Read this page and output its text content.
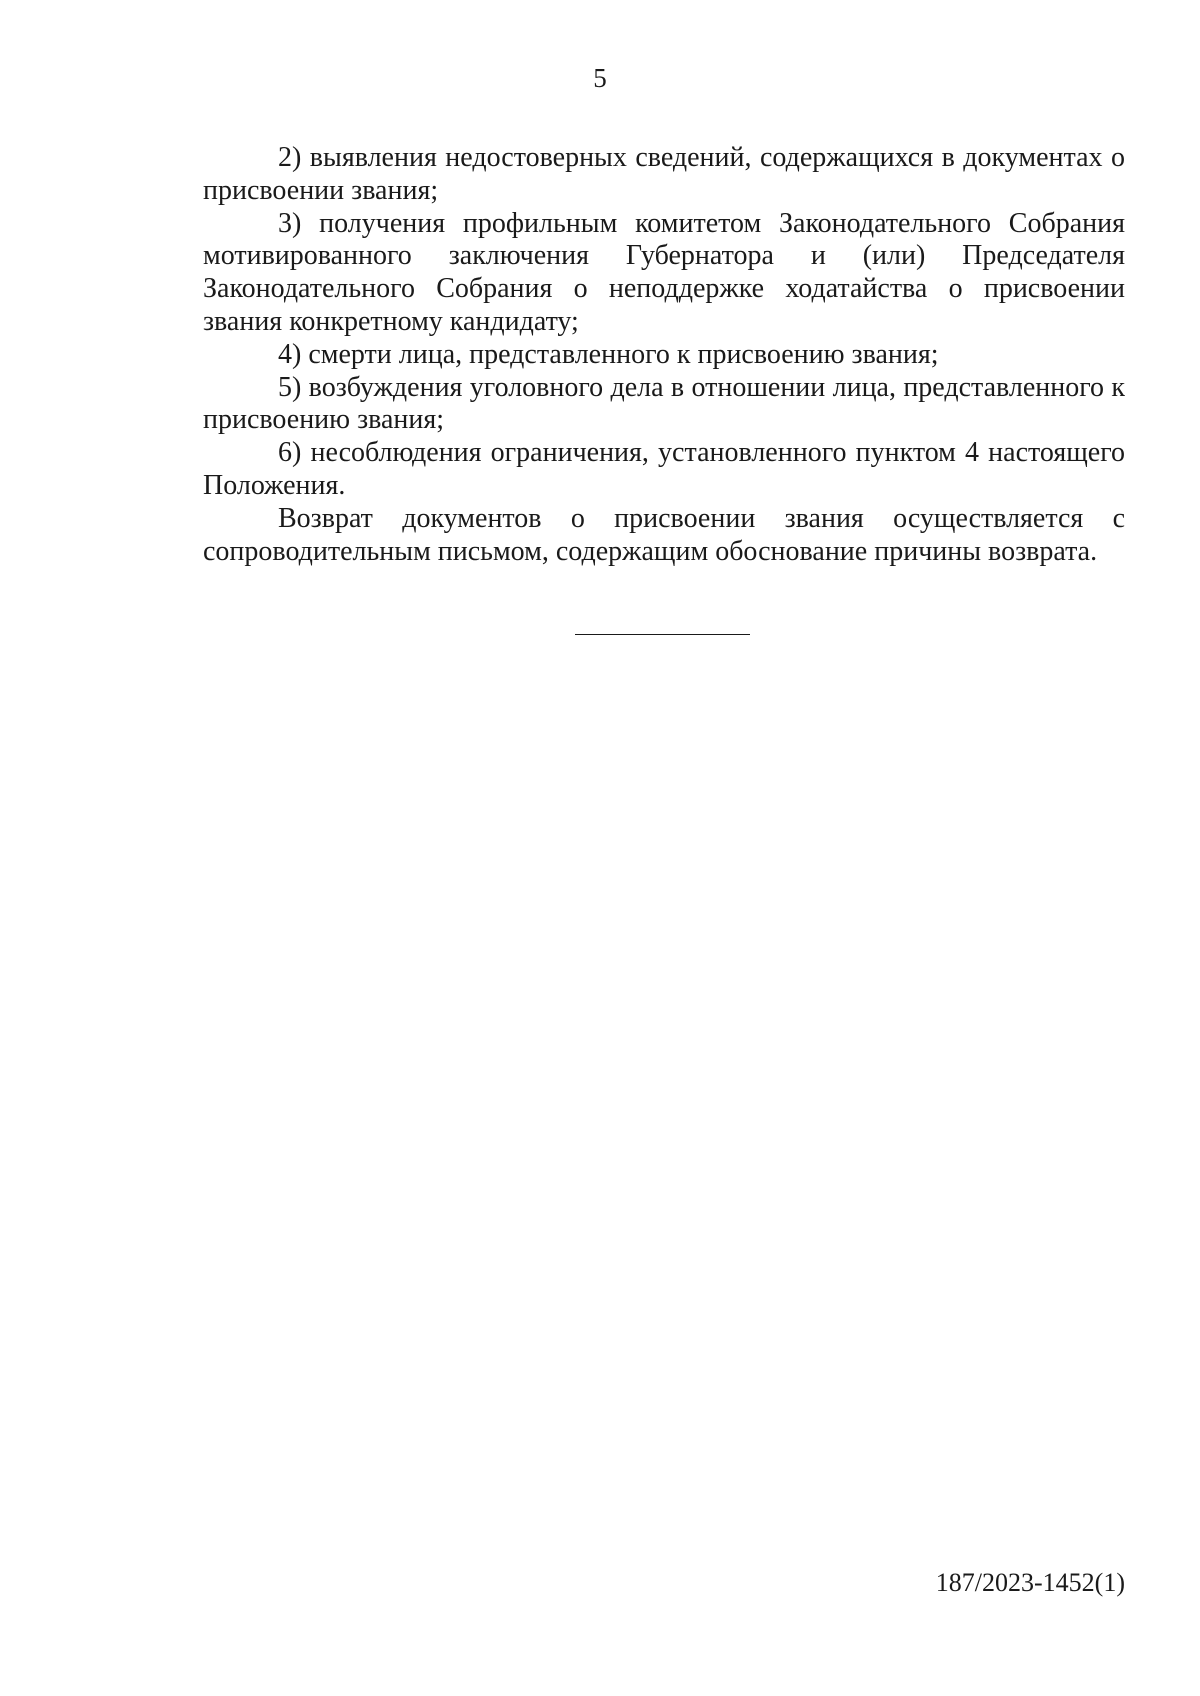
5

2) выявления недостоверных сведений, содержащихся в документах о присвоении звания;

3) получения профильным комитетом Законодательного Собрания мотивированного заключения Губернатора и (или) Председателя Законодательного Собрания о неподдержке ходатайства о присвоении звания конкретному кандидату;

4) смерти лица, представленного к присвоению звания;

5) возбуждения уголовного дела в отношении лица, представленного к присвоению звания;

6) несоблюдения ограничения, установленного пунктом 4 настоящего Положения.

Возврат документов о присвоении звания осуществляется с сопроводительным письмом, содержащим обоснование причины возврата.

187/2023-1452(1)
